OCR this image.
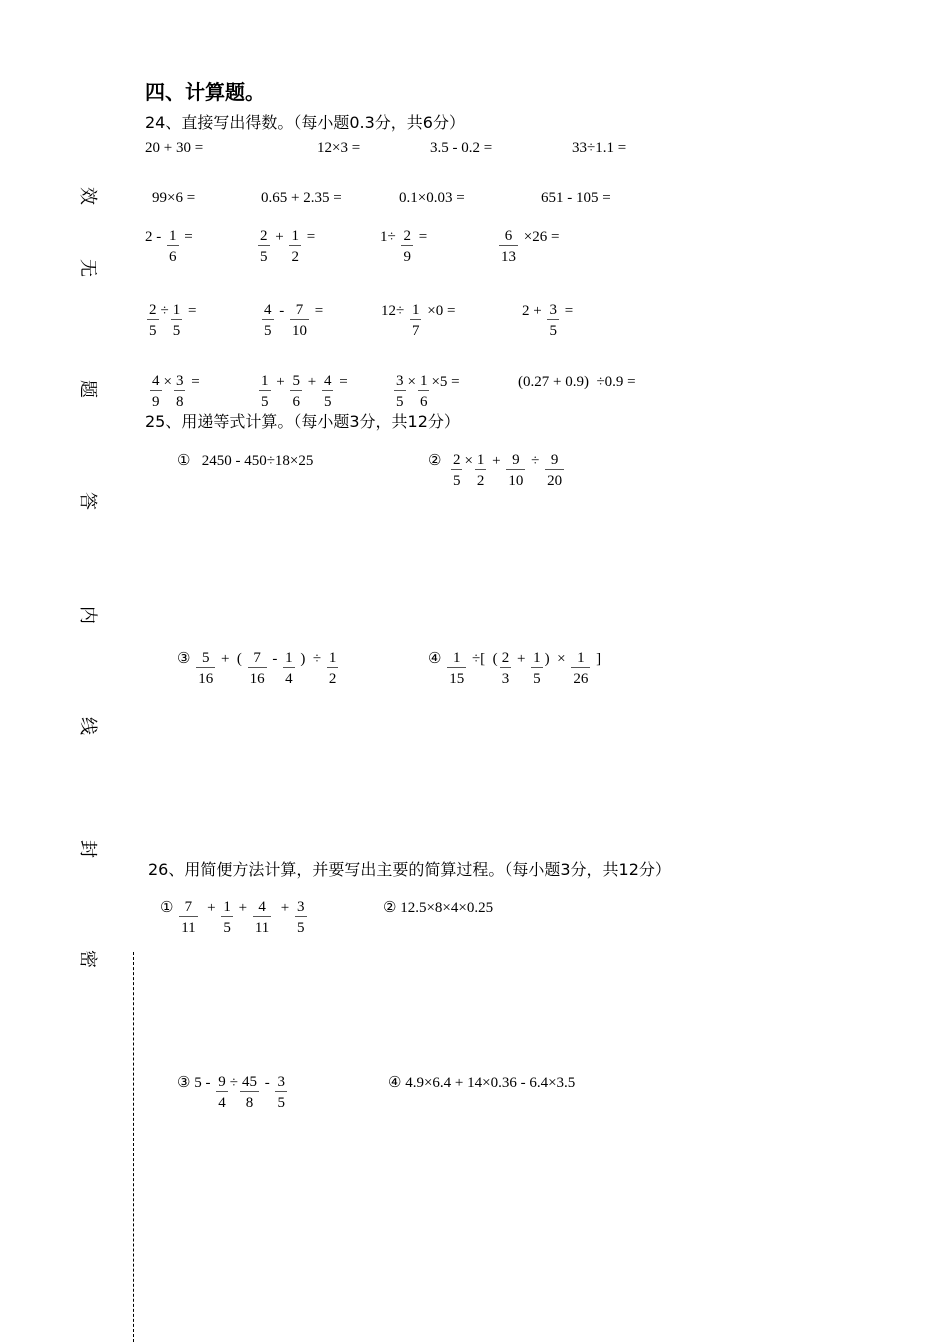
四、计算题。
效
无
题
答
内
线
封
密
24、直接写出得数。（每小题0.3分，共6分）
20 + 30 =	12×3 =	3.5 - 0.2 =	33÷1.1 =
99×6 =	0.65 + 2.35 =	0.1×0.03 =	651 - 105 =
$2 - \frac{1}{6}$ =	$\frac{2}{5} + \frac{1}{2}$ =	$1\div \frac{2}{9}$ =	$\frac{6}{13} \times 26$ =
$\frac{2}{5} \div \frac{1}{5}$ =	$\frac{4}{5} - \frac{7}{10}$ =	$12\div \frac{1}{7} \times 0$ =	$2 + \frac{3}{5}$ =
$\frac{4}{9} \times \frac{3}{8}$ =	$\frac{1}{5} + \frac{5}{6} + \frac{4}{5}$ =	$\frac{3}{5} \times \frac{1}{6} \times 5$ =	(0.27 + 0.9)  ÷0.9 =
25、用递等式计算。（每小题3分，共12分）
①   2450 - 450÷18×25	② $\frac{2}{5} \times \frac{1}{2} + \frac{9}{10} \div \frac{9}{20}$
③ $\frac{5}{16}$ +  ( $\frac{7}{16} - \frac{1}{4}$ )  ÷ $\frac{1}{2}$	④ $\frac{1}{15}$ ÷[  ( $\frac{2}{3} + \frac{1}{5}$ )  × $\frac{1}{26}$ ]
26、用简便方法计算，并要写出主要的简算过程。（每小题3分，共12分）
① $\frac{7}{11} + \frac{1}{5} + \frac{4}{11} + \frac{3}{5}$	② 12.5×8×4×0.25
③ $5 - \frac{9}{4} \div \frac{45}{8} - \frac{3}{5}$	④ 4.9×6.4 + 14×0.36 - 6.4×3.5
